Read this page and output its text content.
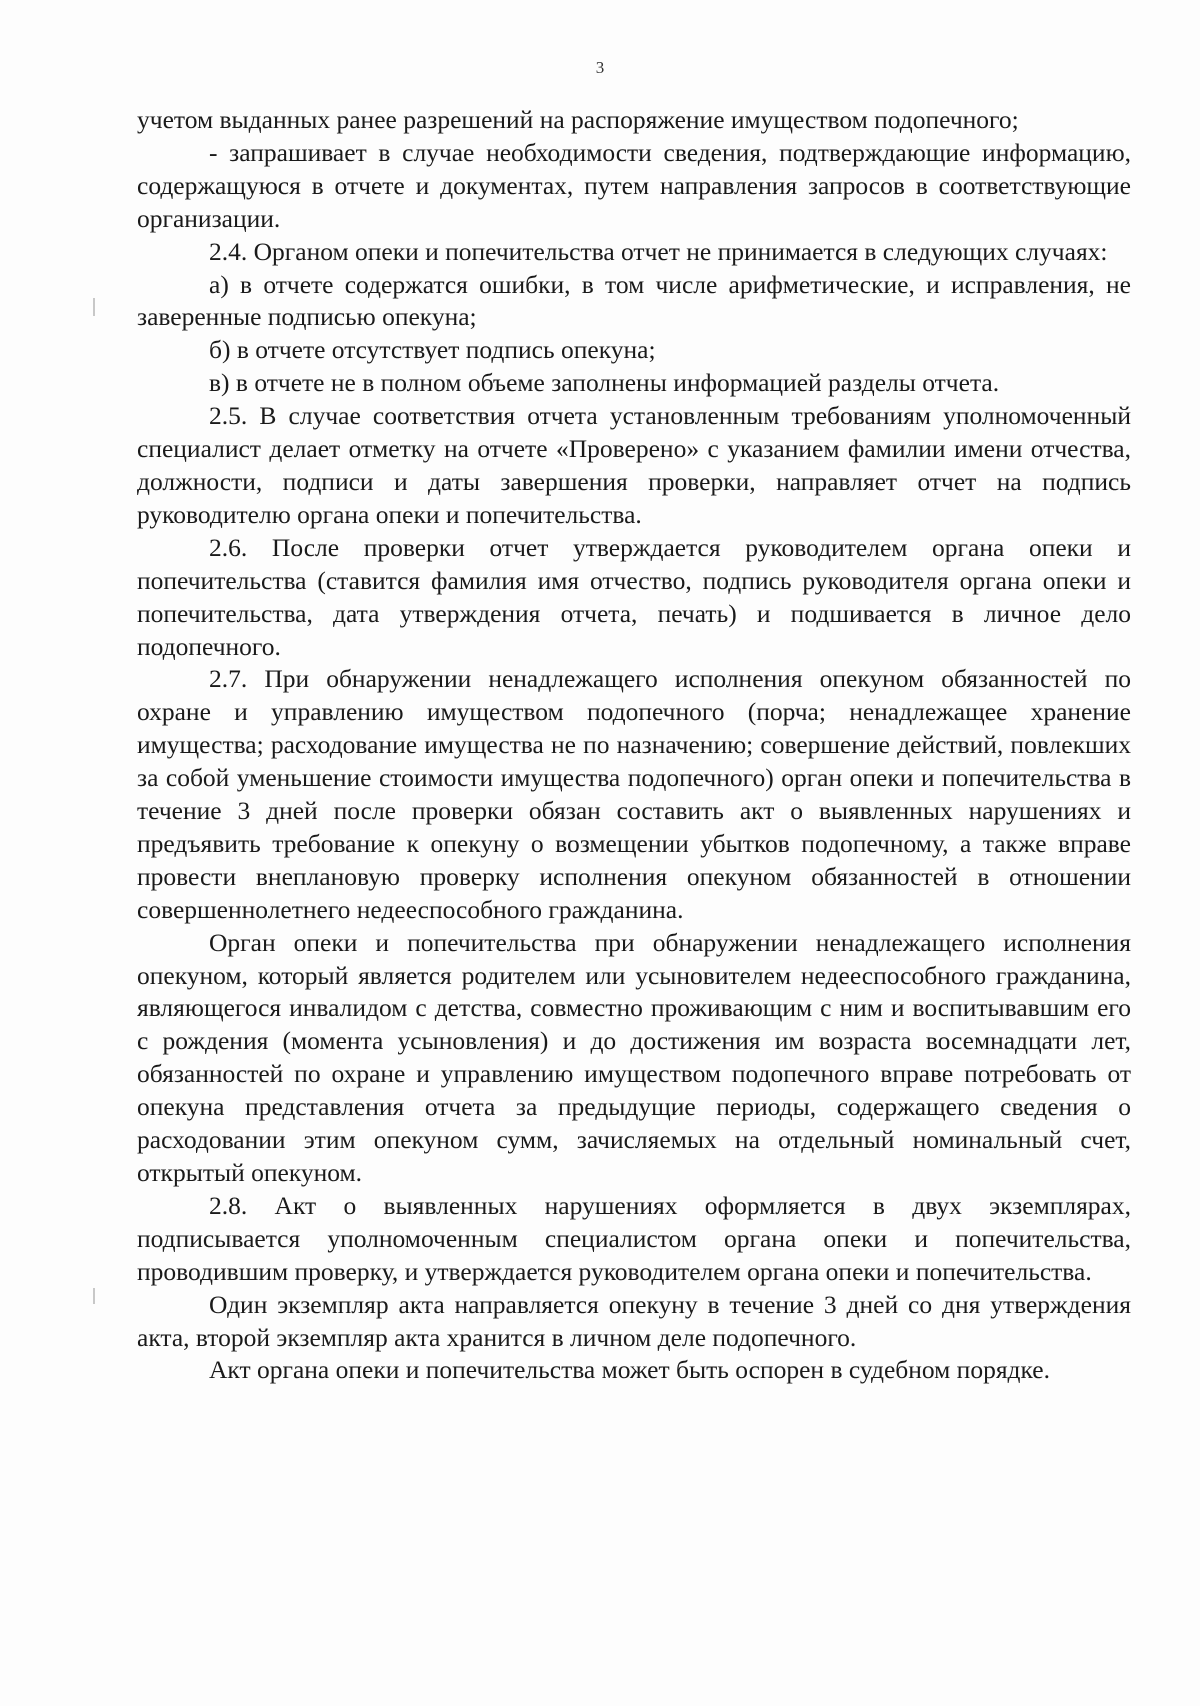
3

учетом выданных ранее разрешений на распоряжение имуществом подопечного;

- запрашивает в случае необходимости сведения, подтверждающие информацию, содержащуюся в отчете и документах, путем направления запросов в соответствующие организации.

2.4. Органом опеки и попечительства отчет не принимается в следующих случаях:

а) в отчете содержатся ошибки, в том числе арифметические, и исправления, не заверенные подписью опекуна;

б) в отчете отсутствует подпись опекуна;

в) в отчете не в полном объеме заполнены информацией разделы отчета.

2.5. В случае соответствия отчета установленным требованиям уполномоченный специалист делает отметку на отчете «Проверено» с указанием фамилии имени отчества, должности, подписи и даты завершения проверки, направляет отчет на подпись руководителю органа опеки и попечительства.

2.6. После проверки отчет утверждается руководителем органа опеки и попечительства (ставится фамилия имя отчество, подпись руководителя органа опеки и попечительства, дата утверждения отчета, печать) и подшивается в личное дело подопечного.

2.7. При обнаружении ненадлежащего исполнения опекуном обязанностей по охране и управлению имуществом подопечного (порча; ненадлежащее хранение имущества; расходование имущества не по назначению; совершение действий, повлекших за собой уменьшение стоимости имущества подопечного) орган опеки и попечительства в течение 3 дней после проверки обязан составить акт о выявленных нарушениях и предъявить требование к опекуну о возмещении убытков подопечному, а также вправе провести внеплановую проверку исполнения опекуном обязанностей в отношении совершеннолетнего недееспособного гражданина.

Орган опеки и попечительства при обнаружении ненадлежащего исполнения опекуном, который является родителем или усыновителем недееспособного гражданина, являющегося инвалидом с детства, совместно проживающим с ним и воспитывавшим его с рождения (момента усыновления) и до достижения им возраста восемнадцати лет, обязанностей по охране и управлению имуществом подопечного вправе потребовать от опекуна представления отчета за предыдущие периоды, содержащего сведения о расходовании этим опекуном сумм, зачисляемых на отдельный номинальный счет, открытый опекуном.

2.8. Акт о выявленных нарушениях оформляется в двух экземплярах, подписывается уполномоченным специалистом органа опеки и попечительства, проводившим проверку, и утверждается руководителем органа опеки и попечительства.

Один экземпляр акта направляется опекуну в течение 3 дней со дня утверждения акта, второй экземпляр акта хранится в личном деле подопечного.

Акт органа опеки и попечительства может быть оспорен в судебном порядке.
